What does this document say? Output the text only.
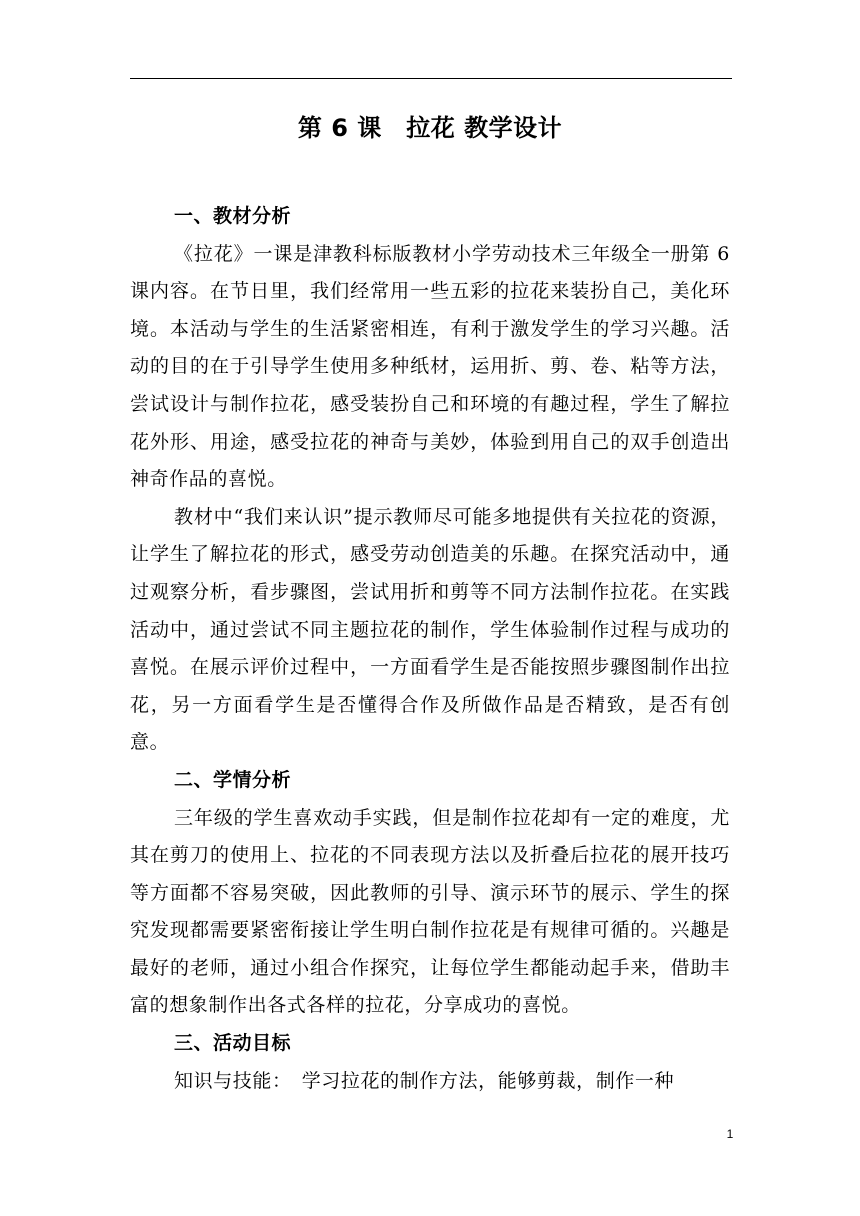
第 6 课　拉花 教学设计
一、教材分析

《拉花》一课是津教科标版教材小学劳动技术三年级全一册第 6 课内容。在节日里，我们经常用一些五彩的拉花来装扮自己，美化环境。本活动与学生的生活紧密相连，有利于激发学生的学习兴趣。活动的目的在于引导学生使用多种纸材，运用折、剪、卷、粘等方法，尝试设计与制作拉花，感受装扮自己和环境的有趣过程，学生了解拉花外形、用途，感受拉花的神奇与美妙，体验到用自己的双手创造出神奇作品的喜悦。

教材中“我们来认识”提示教师尽可能多地提供有关拉花的资源，让学生了解拉花的形式，感受劳动创造美的乐趣。在探究活动中，通过观察分析，看步骤图，尝试用折和剪等不同方法制作拉花。在实践活动中，通过尝试不同主题拉花的制作，学生体验制作过程与成功的喜悦。在展示评价过程中，一方面看学生是否能按照步骤图制作出拉花，另一方面看学生是否懂得合作及所做作品是否精致，是否有创意。

二、学情分析

三年级的学生喜欢动手实践，但是制作拉花却有一定的难度，尤其在剪刀的使用上、拉花的不同表现方法以及折叠后拉花的展开技巧等方面都不容易突破，因此教师的引导、演示环节的展示、学生的探究发现都需要紧密衔接让学生明白制作拉花是有规律可循的。兴趣是最好的老师，通过小组合作探究，让每位学生都能动起手来，借助丰富的想象制作出各式各样的拉花，分享成功的喜悦。

三、活动目标

知识与技能：　学习拉花的制作方法，能够剪裁，制作一种

1
